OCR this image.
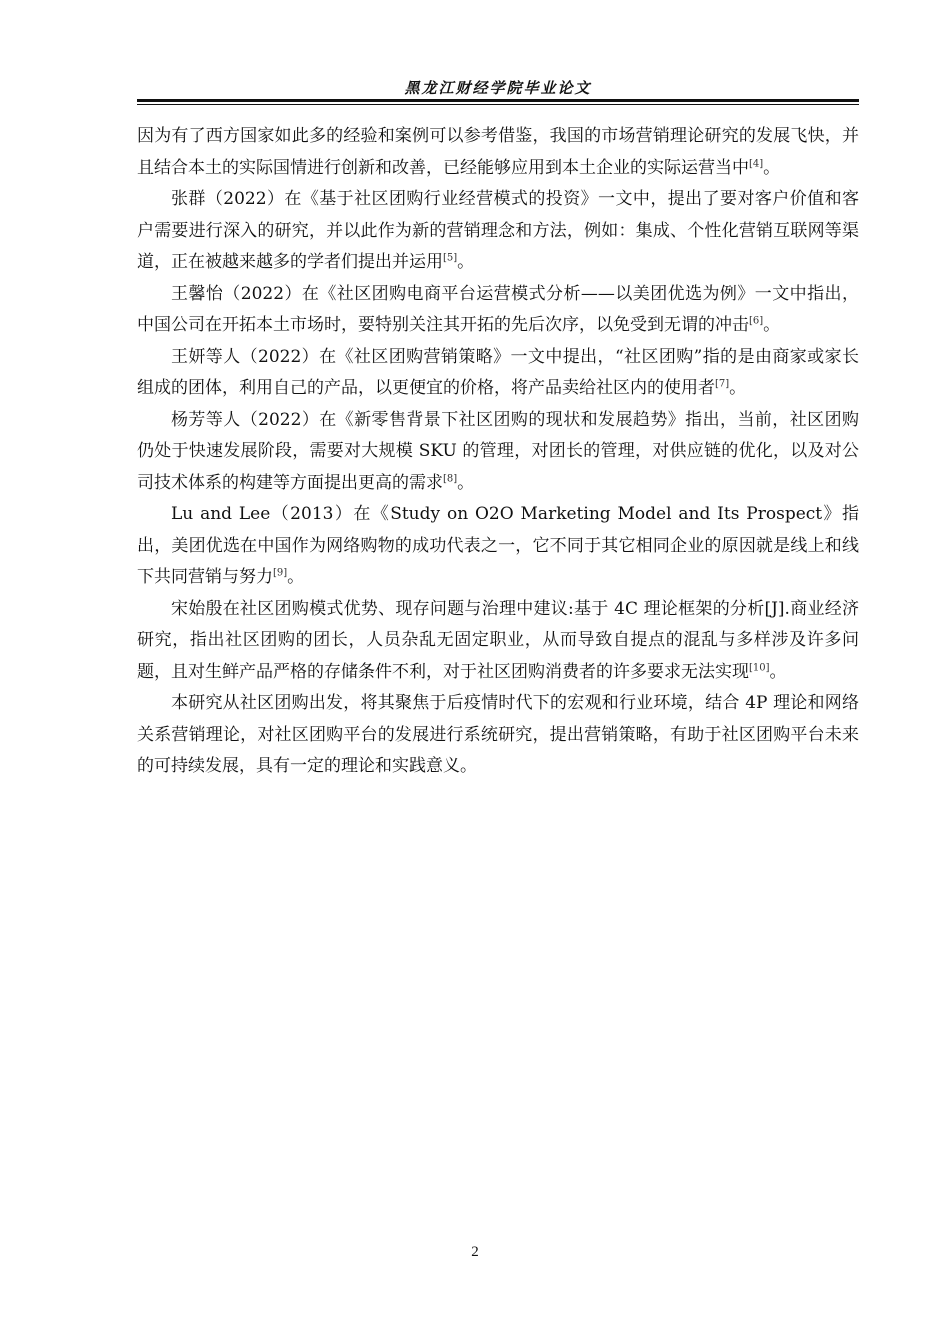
黑龙江财经学院毕业论文

因为有了西方国家如此多的经验和案例可以参考借鉴，我国的市场营销理论研究的发展飞快，并且结合本土的实际国情进行创新和改善，已经能够应用到本土企业的实际运营当中[4]。

张群（2022）在《基于社区团购行业经营模式的投资》一文中，提出了要对客户价值和客户需要进行深入的研究，并以此作为新的营销理念和方法，例如：集成、个性化营销互联网等渠道，正在被越来越多的学者们提出并运用[5]。

王馨怡（2022）在《社区团购电商平台运营模式分析——以美团优选为例》一文中指出，中国公司在开拓本土市场时，要特别关注其开拓的先后次序，以免受到无谓的冲击[6]。

王妍等人（2022）在《社区团购营销策略》一文中提出，“社区团购”指的是由商家或家长组成的团体，利用自己的产品，以更便宜的价格，将产品卖给社区内的使用者[7]。

杨芳等人（2022）在《新零售背景下社区团购的现状和发展趋势》指出，当前，社区团购仍处于快速发展阶段，需要对大规模 SKU 的管理，对团长的管理，对供应链的优化，以及对公司技术体系的构建等方面提出更高的需求[8]。

Lu and Lee（2013）在《Study on O2O Marketing Model and Its Prospect》指出，美团优选在中国作为网络购物的成功代表之一，它不同于其它相同企业的原因就是线上和线下共同营销与努力[9]。

宋始殷在社区团购模式优势、现存问题与治理中建议:基于 4C 理论框架的分析[J].商业经济研究，指出社区团购的团长，人员杂乱无固定职业，从而导致自提点的混乱与多样涉及许多问题，且对生鲜产品严格的存储条件不利，对于社区团购消费者的许多要求无法实现[10]。

本研究从社区团购出发，将其聚焦于后疫情时代下的宏观和行业环境，结合 4P 理论和网络关系营销理论，对社区团购平台的发展进行系统研究，提出营销策略，有助于社区团购平台未来的可持续发展，具有一定的理论和实践意义。

2
